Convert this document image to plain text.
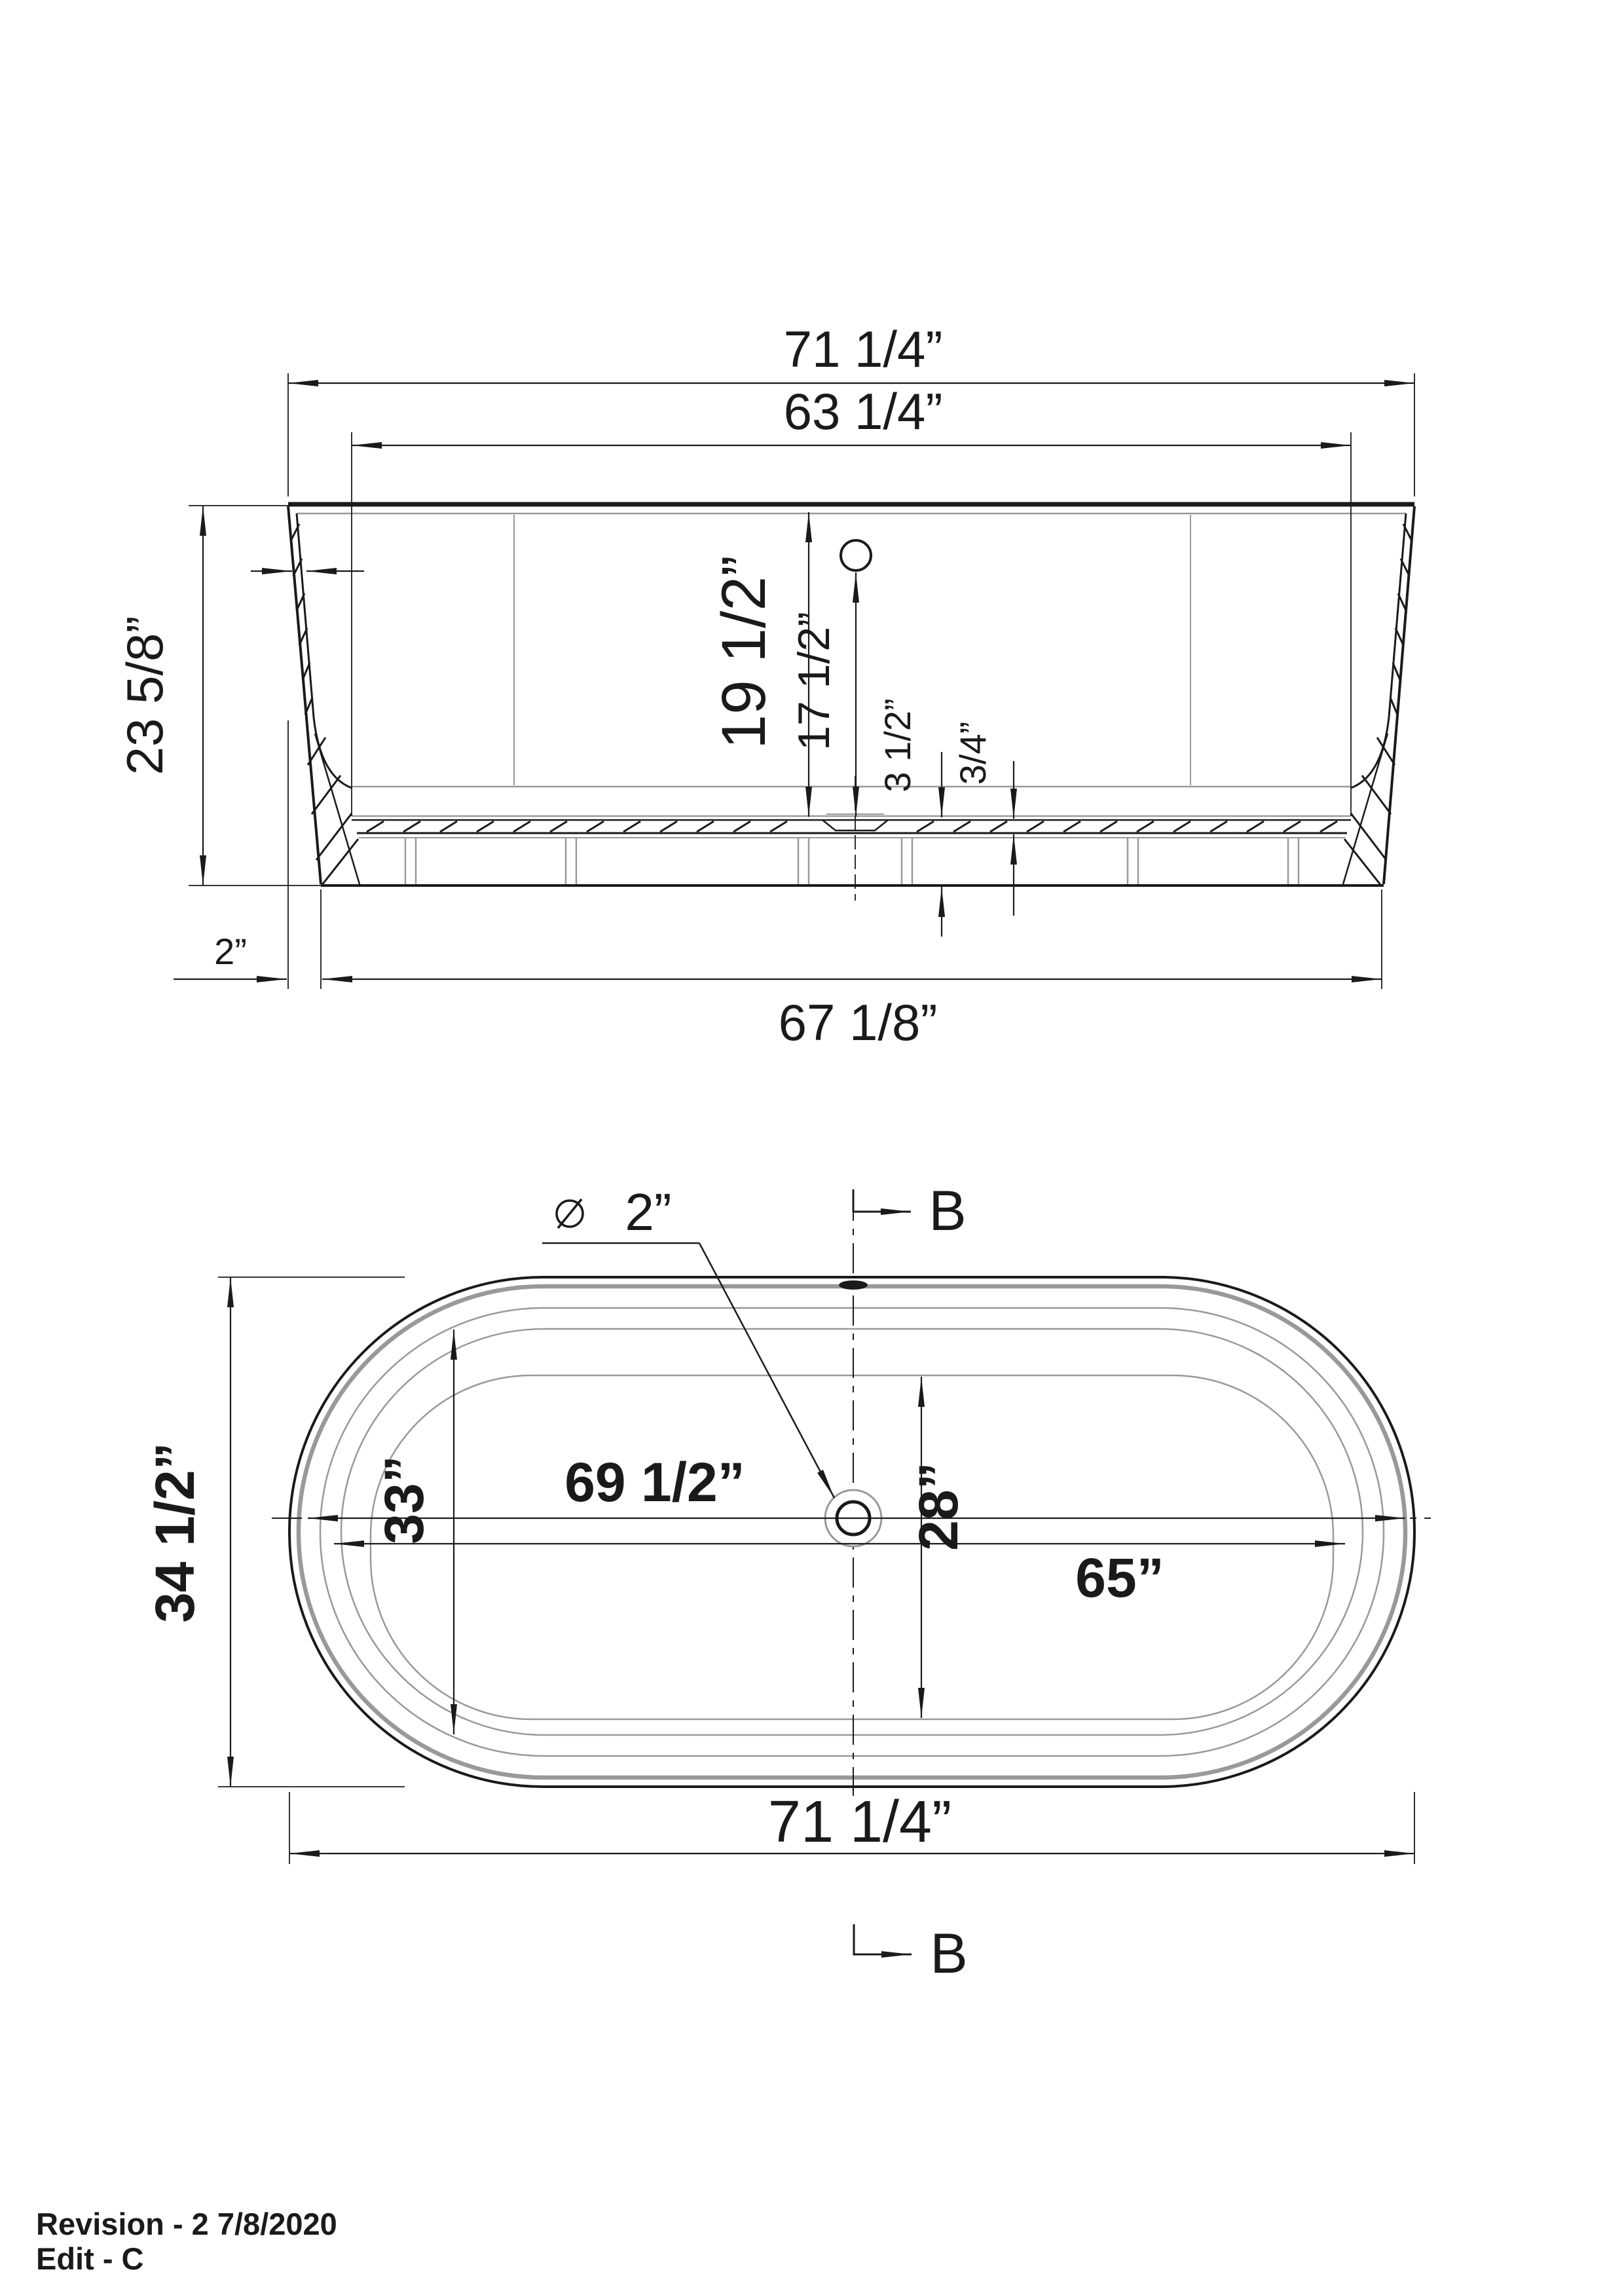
71 1/4”
63 1/4”
23 5/8”	19 1/2” 17 1/2” 3 1/2” 3/4”
2”
67 1/8”
2”	B
B
34 1/2”	33”	28”
69 1/2”
65”
71 1/4”
Revision - 2 7/8/2020
Edit - C
